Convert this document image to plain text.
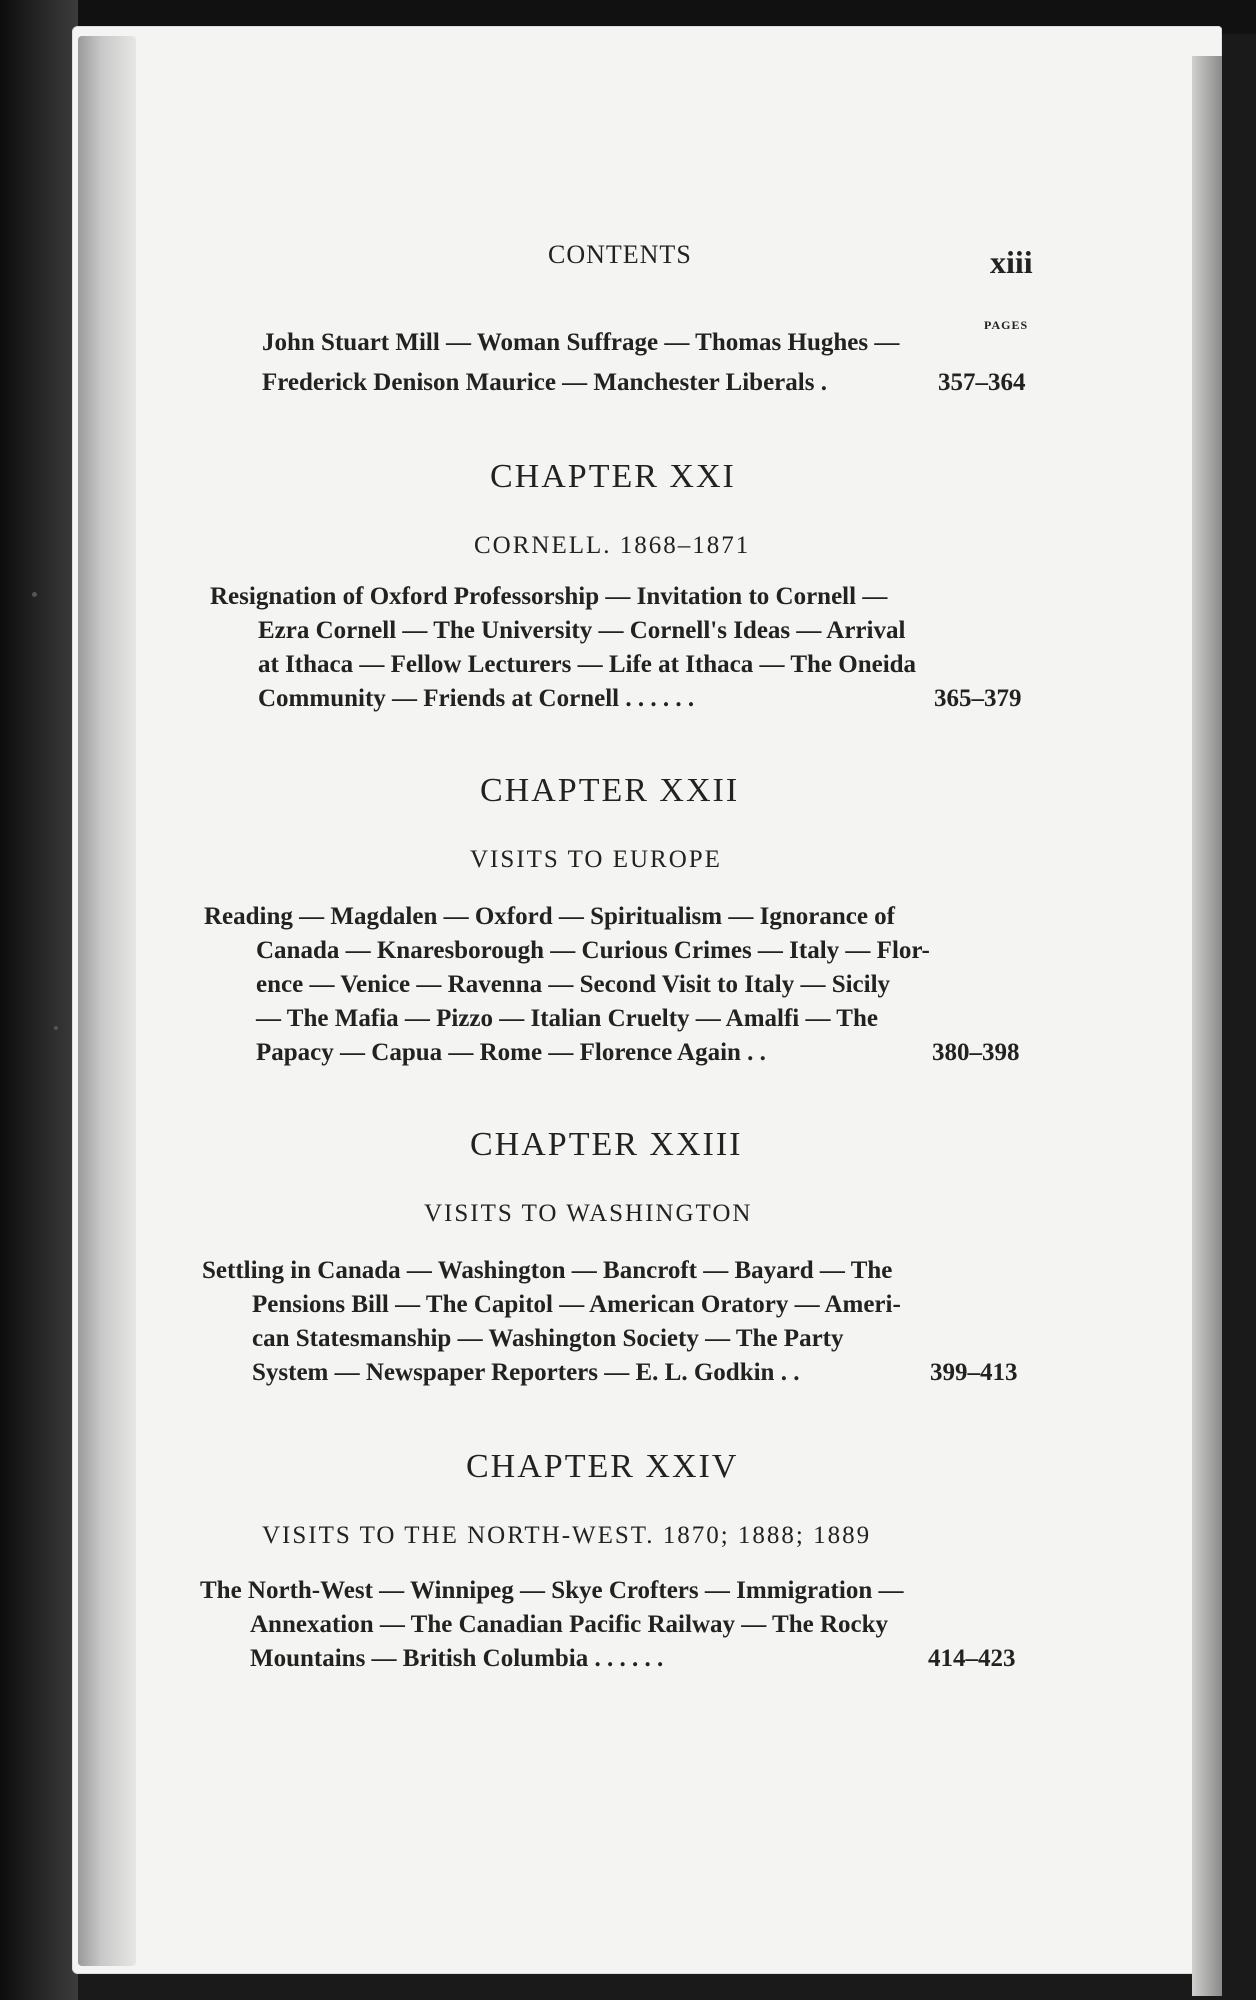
CONTENTS	xiii
PAGES
John Stuart Mill — Woman Suffrage — Thomas Hughes —
Frederick Denison Maurice — Manchester Liberals .	357–364
CHAPTER XXI
CORNELL. 1868–1871
Resignation of Oxford Professorship — Invitation to Cornell —
Ezra Cornell — The University — Cornell's Ideas — Arrival
at Ithaca — Fellow Lecturers — Life at Ithaca — The Oneida
Community — Friends at Cornell . . . . . .	365–379
CHAPTER XXII
VISITS TO EUROPE
Reading — Magdalen — Oxford — Spiritualism — Ignorance of
Canada — Knaresborough — Curious Crimes — Italy — Flor-
ence — Venice — Ravenna — Second Visit to Italy — Sicily
— The Mafia — Pizzo — Italian Cruelty — Amalfi — The
Papacy — Capua — Rome — Florence Again . .	380–398
CHAPTER XXIII
VISITS TO WASHINGTON
Settling in Canada — Washington — Bancroft — Bayard — The
Pensions Bill — The Capitol — American Oratory — Ameri-
can Statesmanship — Washington Society — The Party
System — Newspaper Reporters — E. L. Godkin . .	399–413
CHAPTER XXIV
VISITS TO THE NORTH-WEST. 1870; 1888; 1889
The North-West — Winnipeg — Skye Crofters — Immigration —
Annexation — The Canadian Pacific Railway — The Rocky
Mountains — British Columbia . . . . . .	414–423
